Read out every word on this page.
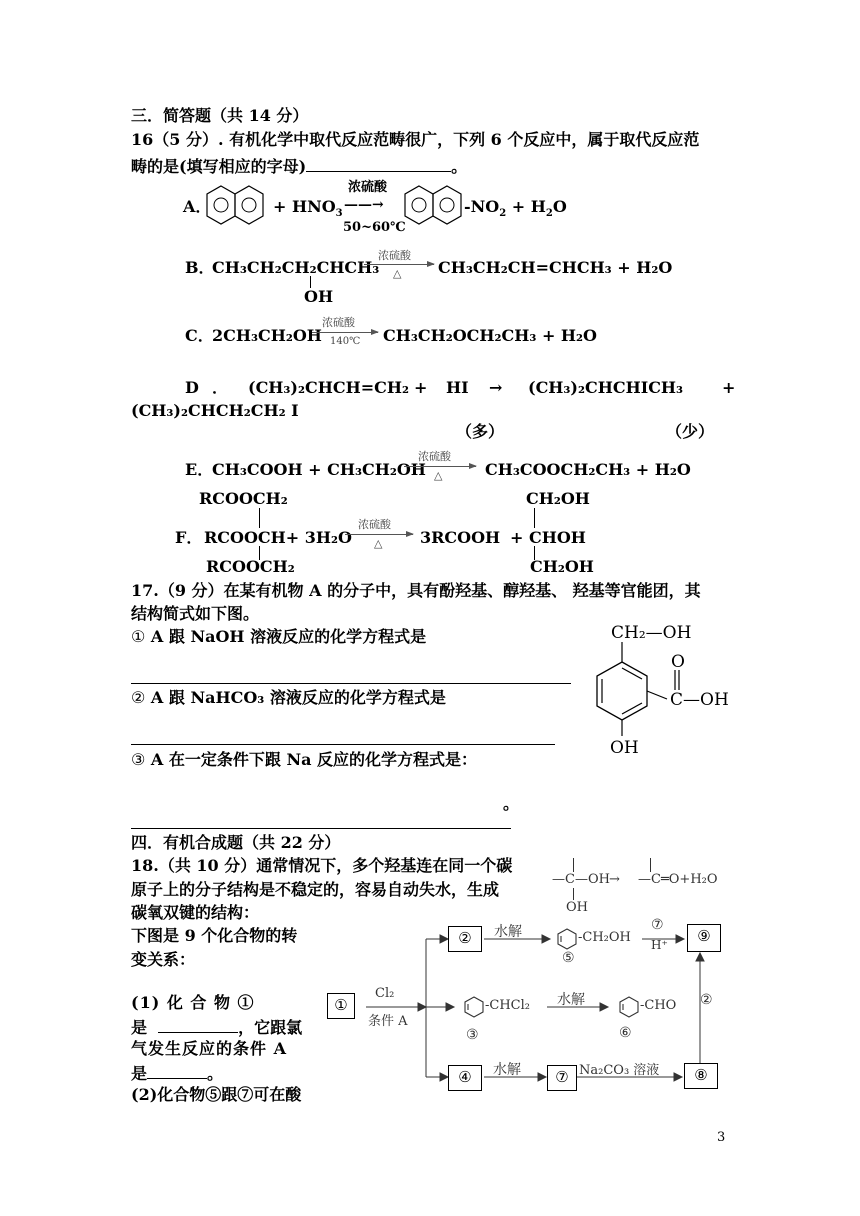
三．简答题（共 14 分）
16（5 分）. 有机化学中取代反应范畴很广，下列 6 个反应中，属于取代反应范
畴的是(填写相应的字母)	。
A．	+ $HNO_3$
浓硫酸
——→
50~60℃
$-NO_2 + H_2O$
B．
CH₃CH₂CH₂CHCH₃
OH
浓硫酸
△ CH₃CH₂CH=CHCH₃ + H₂O
C．
2CH₃CH₂OH
浓硫酸
140℃ CH₃CH₂OCH₂CH₃ + H₂O
D ． (CH₃)₂CHCH=CH₂ + HI → (CH₃)₂CHCHICH₃ +
(CH₃)₂CHCH₂CH₂ I
（多）	（少）
E．
CH₃COOH + CH₃CH₂OH
浓硫酸
△	CH₃COOCH₂CH₃ + H₂O
RCOOCH₂
F． RCOOCH+ 3H₂O
RCOOCH₂
浓硫酸
△ 3RCOOH
CH₂OH
+ CHOH
CH₂OH
17.（9 分）在某有机物 A 的分子中，具有酚羟基、醇羟基、 羟基等官能团，其
结构简式如下图。
① A 跟 NaOH 溶液反应的化学方程式是
② A 跟 NaHCO₃ 溶液反应的化学方程式是
③ A 在一定条件下跟 Na 反应的化学方程式是：
。
CH₂—OH
O
C—OH
OH
四．有机合成题（共 22 分）
18.（共 10 分）通常情况下，多个羟基连在同一个碳
原子上的分子结构是不稳定的，容易自动失水，生成
碳氧双键的结构：
下图是 9 个化合物的转
变关系：
(1) 化 合 物 ①
是	，它跟氯
气发生反应的条件 A
是	。
(2)化合物⑤跟⑦可在酸
—C—OH → —C═O+H₂O
OH
①
②
④	⑦	⑧
⑨
Cl₂
条件 A
水解	-CH₂OH
⑤
⑦
H⁺
-CHCl₂
③
水解	-CHO
⑥
②
水解	Na₂CO₃ 溶液
3
